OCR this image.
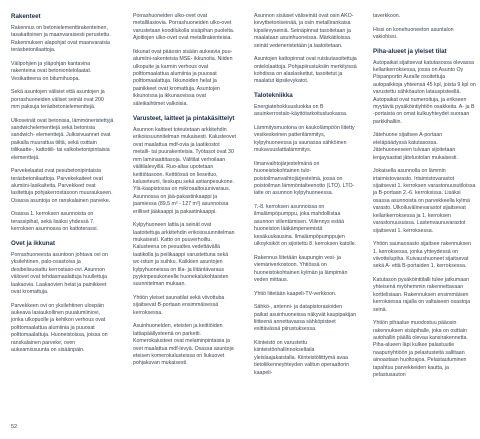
Rakenteet

Rakennus on betonielementtirakenteinen, tasakattoinen ja maanvaraisesti perustettu. Rakennuksen alapohjat ovat maanvaraisia teräsbetonilaattoja.

Välipohjien ja yläpohjan kantavina rakenteina ovat betoniontelolaatat. Vesikatteena on bitumihuopa.

Sekä asuntojen välisiet että asuntojen ja porrashuoneiden väliset seinät ovat 200 mm paksuja teräsbetonielementtejä.

Ulkoseinät ovat betonisia, lämmöneristettyjä sandwichelementtejä sekä betonisia sandwich- elementtejä. Julkisivuannet ovat paikalla muurattua tiiltä, sekä osittain tiilikaatte-, kattotiili- tai valkobetonipintaisia elementtejä.

Parvekelaatat ovat pesubetonipintaisia teräsbetonilaattoja. Parvekekaiteet ovat alumiini-lasikaiteita. Parvekkeet ovat lasitettuja pohjakerrostasoon muuraukseen. Osassa asuntoja on ranskalainen parveke.

Osassa 1. kerroksen asunnoista on terassipihat, sekä lisäksi yhdessä 7. kerroksen asunnossa on kattoterassi.

Ovet ja ikkunat

Porrashuoneesta asuntoon johtava ovi on yksilehtinen, palo-osastoiva ja desibelisuoiattu kerrostaso-ovi. Asunnon väliovet ovat tehdasmaalattuja huullettuja laakaovia. Laakaovien helat ja painikkeet ovat kromattuja.

Parvekkeen ovi on yksilehtinen ulospäin aukeava lasiaukollinen puualumiiniovi, jonka ulkopuolle ja kehikon verhous ovat polttomaalattua alumiinia ja puuosat polttomaalattuja. Huoneistoissa, joissa on ranskalainen parveke, oven aukeamissuunta on sisäänpäin.

Porrashuoneiden ulko-ovet ovat metallilasiovia. Porrashuoneiden ulko-ovet varustetaan koodilukolla sisäpihan puolelta. Ajoitiojen ulko-ovet ovat metallirakenteisia.

Ikkunat ovat pääosin sisään aukeavia puu-alumiini-rakenteisia MSE- ikkunoita. Niiden ulkopuite ja karmin verhous ovat polttomaalattua alumiinia ja puuosat polttomaalattuja. Ikkunoiden helat ja painikkeet ovat kromattuja. Asuntojen ikkunoissa ja ikkunaovissa ovat säleikaihtimet valkoisia.

Varusteet, laitteet ja pintakäsittelyt

Asunnon kaitteet toteutetaan arkkitehdin erikoissuunnitelman mukaisesti. Kalusteovet ovat maalattua mdf-ovia ja laatikostot metalli- tai puurakenteisia. Työtasot ovat 30 mm laminaattitasoja. Välitilat verhoilaan välitilalevyillä. Ruo-allas upotetaan keittiötasoon. Keittiössä on lieseituo, kaluseteuni, lieskupu sekä astianpesukone. Ylä-kaapistossa on mikroaaltouunivaraus. Asunnossa on jää-pakastinkaappi ja jaamiessa (89,5 m² - 127 m²) asunnoissa erilliset jääkaappi ja pakastinkaappi.

Kylpyhuoneen lattia ja seinät ovat laatoitettuja arkkitehdin erikoissuunnitelman mukaisesti. Katto on puuverhoiltu. Kalusteena on pesualtes vedettävällä laatikolla ja peilikaappi varustettuna sekä wc-istuin ja suihku. Kaikkien asuntojen kylpyhuoneissa on tila- ja liitäntävaraus pyykinpesukoneelle huonekalukohtaisten suunnitelman mukaan.

Yhtiön yleiset saunatilat sekä viivottuba sijaitsevat B-portaan ensimmäisessä kerroksessa.

Asuinhuoneiden, eteisten ja keittiöiden lattiapäällysteenä on parketti. Komerokalusteet ovat melaminpintaisia ja ovet maalattua mdf-levyä. Osassa asuntoja eteisen komerokalusteissa on liukuovet pohjakuvan mukaisesti.

Asunnon sisäiset väliseinät ovat osin AKO-kevytbetoniseinää, ja osin metallirankaisa kipsilevyseiniä. Seinäpinnat tasoitetaan ja maalataan asuinhuoneissa. Märkätiloissa seinät vedeneristetään ja laatoitetaan.

Asuntojen kattopinnat ovat ruiskutasoitettuja ontelolaattoja. Pohjapiirustuksiin merkityissä kohdissa on alaslaskettut, tasoitetut ja maalatut kipsilevykatot.

Talotekniikka

Energiatehokkuusluokka on B asuinkerrostalo-käyttötarkoitusluokassa.

Lämmitysmuotona on kaukolämpöön liitetty vesikeskeinen patterilämmitys, kylpyhuoneessa ja saunassa sähköinen mukavuuslattialämmitys.

Ilmanvaihtojärjestelmänä on huoneistokohtainen tulo-poistoilmanvaihtojärjestelmä, jossa on poistoilman lämmöntalteenotto (LTO). LTO-laite on asunnon kylpyhuoneessa.

7.-8. kerroksen asunnoissa on ilmalämpöpumppu, joka mahdollistaa asunnon viilentämisen. Viilennys estää huoneiston lääkämpenemistä kesäkuukausina. Ilmalämpöpumppujen ulkoyksiköt on sijoitettu 8. kerroksen katolle.

Rakennus liitetään kaupungin vesi- ja viemäriverkostoon. Yhtiössä on huoneistokohtainen kylmän ja lämpimän veden mittaus.

Yhtiö liitetään kaapeli-TV-verkkoon.

Sähkö-, antenni- ja datapistorasioiden paikat asuinhuoneissa näkyvät kaupipakijan liitteenä annettavassa sähköpisteet esittävässä piirustuksessa.

Kiinteistö on varustettu kiinteistönhallinnokseltaila yleislaajakaistalla. Kiinteistöliittymä avaa tietoliikenneyhteyden valitun operaattorin kaapeli-

taverkkoon.

Hissi on konehuoneeton asuntalon vakiohissi.

Piha-alueet ja yleiset tilat

Autopaikat sijaitsevat katutasossa olevassa kellarikerroksessa, jossa on Asunto Oy Pispanportin Auralle osoitettuja autopaikkoja yhteensä 45 kpl, joista 9 kpl on varustettu sähköauton latauspisteellä. Autopaikat ovat numeroituja, ja erikseen myytäviä pysäköintiyhtiön osakkeita. A- ja B -portaista on omat kulkuyhteydet suoraan parkkihalliin.

Jätehuone sijaitsee A-portaan eteläpäädyssä katutasossa. Jätehuoneeseen tulvaan sijoitetaan lenjaysastiat jäteluotolan mukaisesti.

Jokaisella asunnolla on lämmin irtaimistovarasto. Irtaimistovarastot sijaitsevat 1. kerroksen varastonuusutiloissa ja B-portaan 2.-6. kerroksissa. Lisäksi osassa asunnoista on parvekkeella kylmä varasto. Ulkoiluvälinevarastot sijaitsevat kellarikerroksessa ja 1. kerroksen varastonuusuissa. Lastenvaunuvarastot sijaitsevat 1. kerroksessa.

Yhtiön saunaosasto sijaitsee rakennuksen 1. kerroksessa, jonka yhteydessä on viivottelupiha. Kuivaushuoneet sijaitsevat sekä A- että B-portaiden 1. kerroksessa.

Katutason pysäköinttilalli tulee jatkumaan yhteisenä myöhemmin rakennettavaan korttelisiaan. Rakennuksen ensimmäisen kerroksessa rajalla on valtaiseen osastoja seinä.

Yhtiön pihaalue muodostuu pääosin rakennuksen sisäpihalle, joka on osittain autohallin päällä olevaa kansirakennetta. Piha-alueen läpi kulkee palastuutie naapuriyhtiöön ja pelastusteitä sallitaan ainoastaan huoltoajoa. Pelastautuminen tapahtuu parvekkeiden kautta, ja pelastusauton

52
